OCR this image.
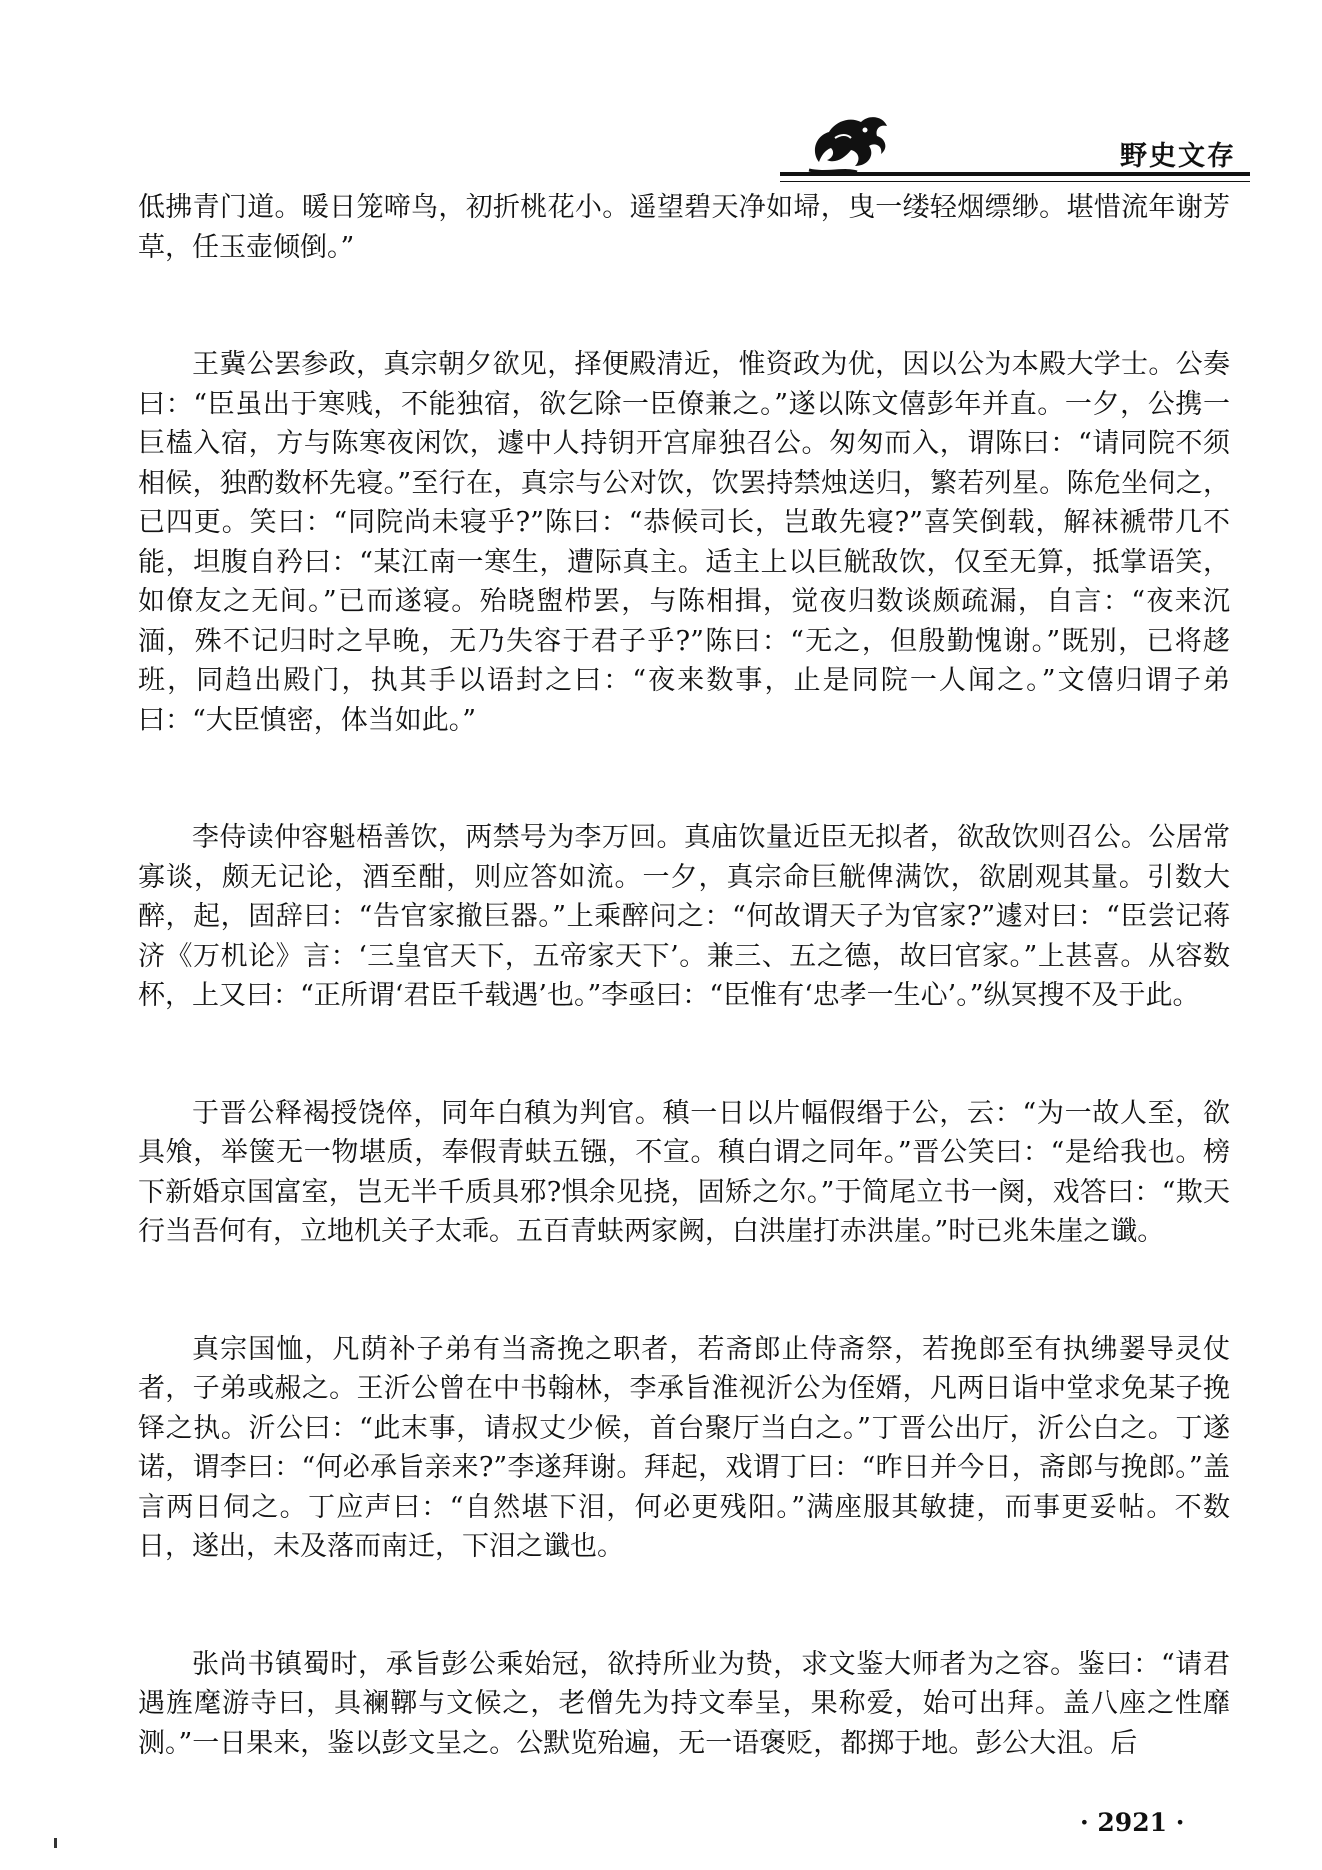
野史文存

低拂青门道。暖日笼啼鸟，初折桃花小。遥望碧天净如埽，曳一缕轻烟缥缈。堪惜流年谢芳草，任玉壶倾倒。”

王冀公罢参政，真宗朝夕欲见，择便殿清近，惟资政为优，因以公为本殿大学士。公奏曰：“臣虽出于寒贱，不能独宿，欲乞除一臣僚兼之。”遂以陈文僖彭年并直。一夕，公携一巨榼入宿，方与陈寒夜闲饮，遽中人持钥开宫扉独召公。匆匆而入，谓陈曰：“请同院不须相候，独酌数杯先寝。”至行在，真宗与公对饮，饮罢持禁烛送归，繁若列星。陈危坐伺之，已四更。笑曰：“同院尚未寝乎?”陈曰：“恭候司长，岂敢先寝?”喜笑倒载，解袜褫带几不能，坦腹自矜曰：“某江南一寒生，遭际真主。适主上以巨觥敌饮，仅至无算，抵掌语笑，如僚友之无间。”已而遂寝。殆晓盥栉罢，与陈相揖，觉夜归数谈颇疏漏，自言：“夜来沉湎，殊不记归时之早晚，无乃失容于君子乎?”陈曰：“无之，但殷勤愧谢。”既别，已将趍班，同趋出殿门，执其手以语封之曰：“夜来数事，止是同院一人闻之。”文僖归谓子弟曰：“大臣慎密，体当如此。”

李侍读仲容魁梧善饮，两禁号为李万回。真庙饮量近臣无拟者，欲敌饮则召公。公居常寡谈，颇无记论，酒至酣，则应答如流。一夕，真宗命巨觥俾满饮，欲剧观其量。引数大醉，起，固辞曰：“告官家撤巨器。”上乘醉问之：“何故谓天子为官家?”遽对曰：“臣尝记蒋济《万机论》言：‘三皇官天下，五帝家天下’。兼三、五之德，故曰官家。”上甚喜。从容数杯，上又曰：“正所谓‘君臣千载遇’也。”李亟曰：“臣惟有‘忠孝一生心’。”纵冥搜不及于此。

于晋公释褐授饶倅，同年白稹为判官。稹一日以片幅假缗于公，云：“为一故人至，欲具飧，举箧无一物堪质，奉假青蚨五镪，不宣。稹白谓之同年。”晋公笑曰：“是给我也。榜下新婚京国富室，岂无半千质具邪?惧余见挠，固矫之尔。”于简尾立书一阕，戏答曰：“欺天行当吾何有，立地机关子太乖。五百青蚨两家阙，白洪崖打赤洪崖。”时已兆朱崖之谶。

真宗国恤，凡荫补子弟有当斋挽之职者，若斋郎止侍斋祭，若挽郎至有执绋翣导灵仗者，子弟或赧之。王沂公曾在中书翰林，李承旨淮视沂公为侄婿，凡两日诣中堂求免某子挽铎之执。沂公曰：“此末事，请叔丈少候，首台聚厅当白之。”丁晋公出厅，沂公白之。丁遂诺，谓李曰：“何必承旨亲来?”李遂拜谢。拜起，戏谓丁曰：“昨日并今日，斋郎与挽郎。”盖言两日伺之。丁应声曰：“自然堪下泪，何必更残阳。”满座服其敏捷，而事更妥帖。不数日，遂出，未及落而南迁，下泪之谶也。

张尚书镇蜀时，承旨彭公乘始冠，欲持所业为贽，求文鉴大师者为之容。鉴曰：“请君遇旌麾游寺曰，具襕鞹与文候之，老僧先为持文奉呈，果称爱，始可出拜。盖八座之性靡测。”一日果来，鉴以彭文呈之。公默览殆遍，无一语褒贬，都掷于地。彭公大沮。后

· 2921 ·
